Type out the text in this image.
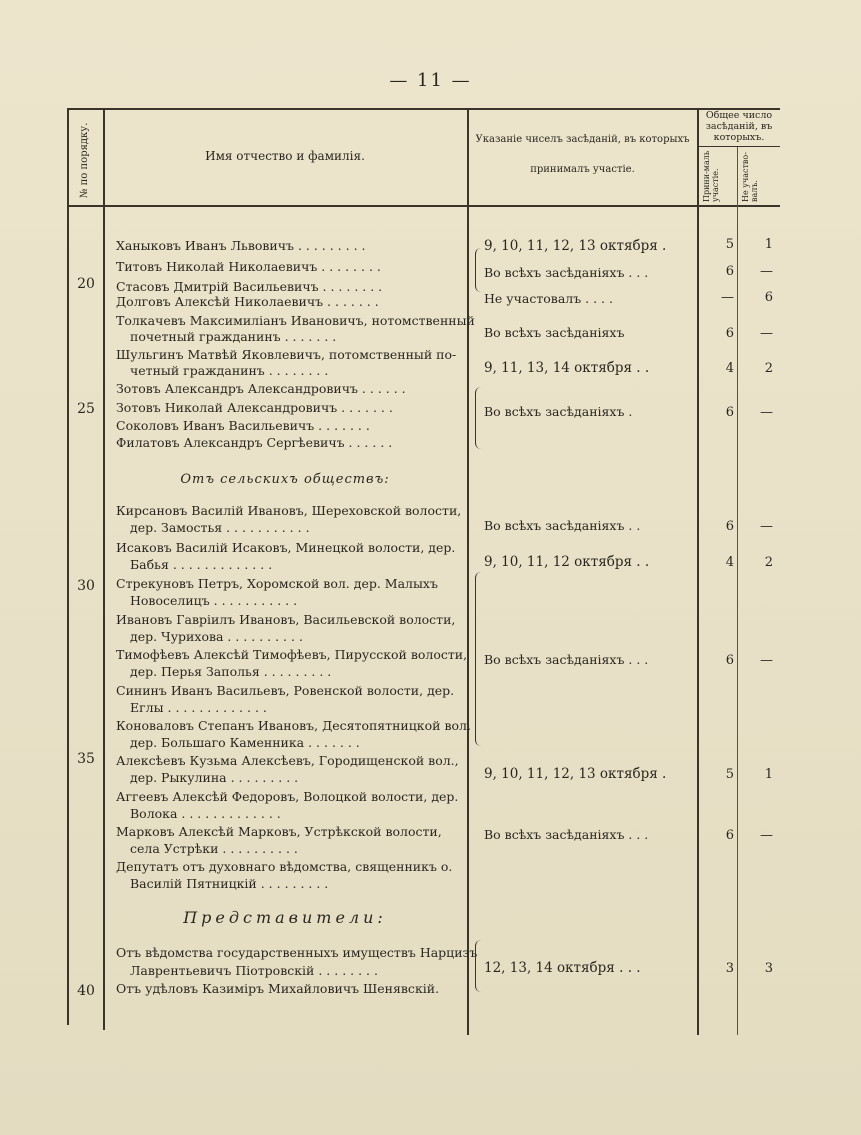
— 11 —
№ по порядку.	Имя отчество и фамилія.
Указаніе чиселъ засѣданій, въ которыхъ
принималъ участіе.
Общее число
засѣданій, въ
которыхъ.
Прини-маль участіе.	Не участво-валъ.
20
25
30
35
40
Ханыковъ Иванъ Львовичъ . . . . . . . . .
Титовъ Николай Николаевичъ . . . . . . . .
Стасовъ Дмитрій Васильевичъ . . . . . . . .
Долговъ Алексѣй Николаевичъ . . . . . . .
Толкачевъ Максимиліанъ Ивановичъ, нотомственный
почетный гражданинъ . . . . . . .
Шульгинъ Матвѣй Яковлевичъ, потомственный по-
четный гражданинъ . . . . . . . .
Зотовъ Александръ Александровичъ . . . . . .
Зотовъ Николай Александровичъ . . . . . . .
Соколовъ Иванъ Васильевичъ . . . . . . .
Филатовъ Александръ Сергѣевичъ . . . . . .
Отъ сельскихъ обществъ:
Кирсановъ Василій Ивановъ, Шереховской волости,
дер. Замостья . . . . . . . . . . .
Исаковъ Василій Исаковъ, Минецкой волости, дер.
Бабья . . . . . . . . . . . . .
Стрекуновъ Петръ, Хоромской вол. дер. Малыхъ
Новоселицъ . . . . . . . . . . .
Ивановъ Гавріилъ Ивановъ, Васильевской волости,
дер. Чурихова . . . . . . . . . .
Тимофѣевъ Алексѣй Тимофѣевъ, Пирусской волости,
дер. Перья Заполья . . . . . . . . .
Сининъ Иванъ Васильевъ, Ровенской волости, дер.
Еглы . . . . . . . . . . . . .
Коноваловъ Степанъ Ивановъ, Десятопятницкой вол.
дер. Большаго Каменника . . . . . . .
Алексѣевъ Кузьма Алексѣевъ, Городищенской вол.,
дер. Рыкулина . . . . . . . . .
Аггеевъ Алексѣй Федоровъ, Волоцкой волости, дер.
Волока . . . . . . . . . . . . .
Марковъ Алексѣй Марковъ, Устрѣкской волости,
села Устрѣки . . . . . . . . . .
Депутатъ отъ духовнаго вѣдомства, священникъ о.
Василій Пятницкій . . . . . . . . .
Представители:
Отъ вѣдомства государственныхъ имуществъ Нарцизъ
Лаврентьевичъ Піотровскій . . . . . . . .
Отъ удѣловъ Казиміръ Михайловичъ Шенявскій.
9, 10, 11, 12, 13 октября .
Во всѣхъ засѣданіяхъ . . .
Не участовалъ . . . .
Во всѣхъ засѣданіяхъ
9, 11, 13, 14 октября . .
Во всѣхъ засѣданіяхъ .
Во всѣхъ засѣданіяхъ . .
9, 10, 11, 12 октября . .
Во всѣхъ засѣданіяхъ . . .
9, 10, 11, 12, 13 октября .
Во всѣхъ засѣданіяхъ . . .
12, 13, 14 октября . . .
5
6
—
6
4
6
6
4
6
5
6
3
1
—
6
—
2
—
—
2
—
1
—
3
